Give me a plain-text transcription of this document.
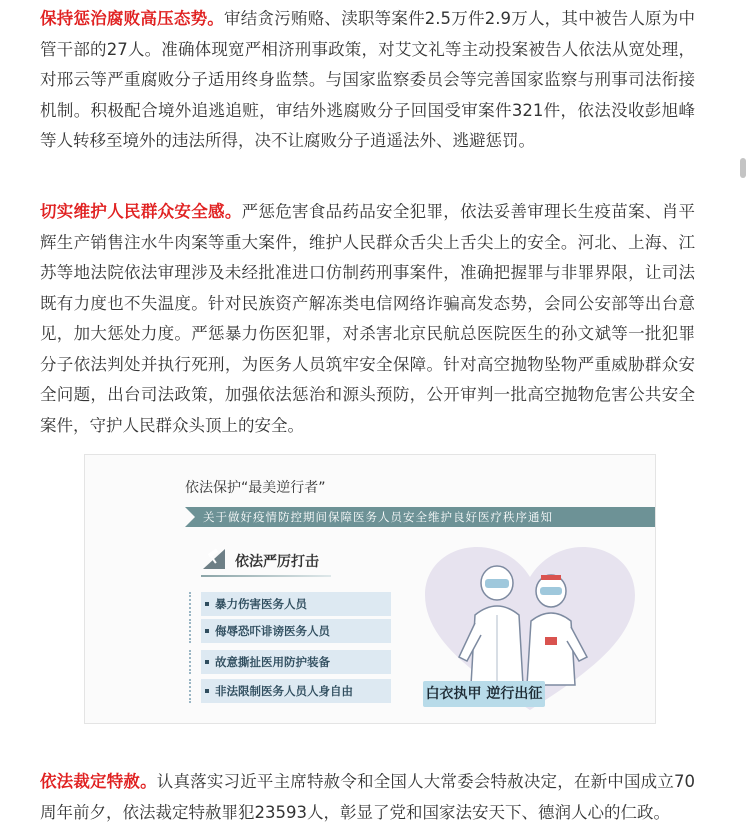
保持惩治腐败高压态势。审结贪污贿赂、渎职等案件2.5万件2.9万人，其中被告人原为中管干部的27人。准确体现宽严相济刑事政策，对艾文礼等主动投案被告人依法从宽处理，对邢云等严重腐败分子适用终身监禁。与国家监察委员会等完善国家监察与刑事司法衔接机制。积极配合境外追逃追赃，审结外逃腐败分子回国受审案件321件，依法没收彭旭峰等人转移至境外的违法所得，决不让腐败分子逍遥法外、逃避惩罚。

切实维护人民群众安全感。严惩危害食品药品安全犯罪，依法妥善审理长生疫苗案、肖平辉生产销售注水牛肉案等重大案件，维护人民群众舌尖上舌尖上的安全。河北、上海、江苏等地法院依法审理涉及未经批准进口仿制药刑事案件，准确把握罪与非罪界限，让司法既有力度也不失温度。针对民族资产解冻类电信网络诈骗高发态势，会同公安部等出台意见，加大惩处力度。严惩暴力伤医犯罪，对杀害北京民航总医院医生的孙文斌等一批犯罪分子依法判处并执行死刑，为医务人员筑牢安全保障。针对高空抛物坠物严重威胁群众安全问题，出台司法政策，加强依法惩治和源头预防，公开审判一批高空抛物危害公共安全案件，守护人民群众头顶上的安全。

依法保护“最美逆行者”
关于做好疫情防控期间保障医务人员安全维护良好医疗秩序通知
依法严厉打击
暴力伤害医务人员
侮辱恐吓诽谤医务人员
故意撕扯医用防护装备
非法限制医务人员人身自由	白衣执甲 逆行出征

依法裁定特赦。认真落实习近平主席特赦令和全国人大常委会特赦决定，在新中国成立70周年前夕，依法裁定特赦罪犯23593人，彰显了党和国家法安天下、德润人心的仁政。
